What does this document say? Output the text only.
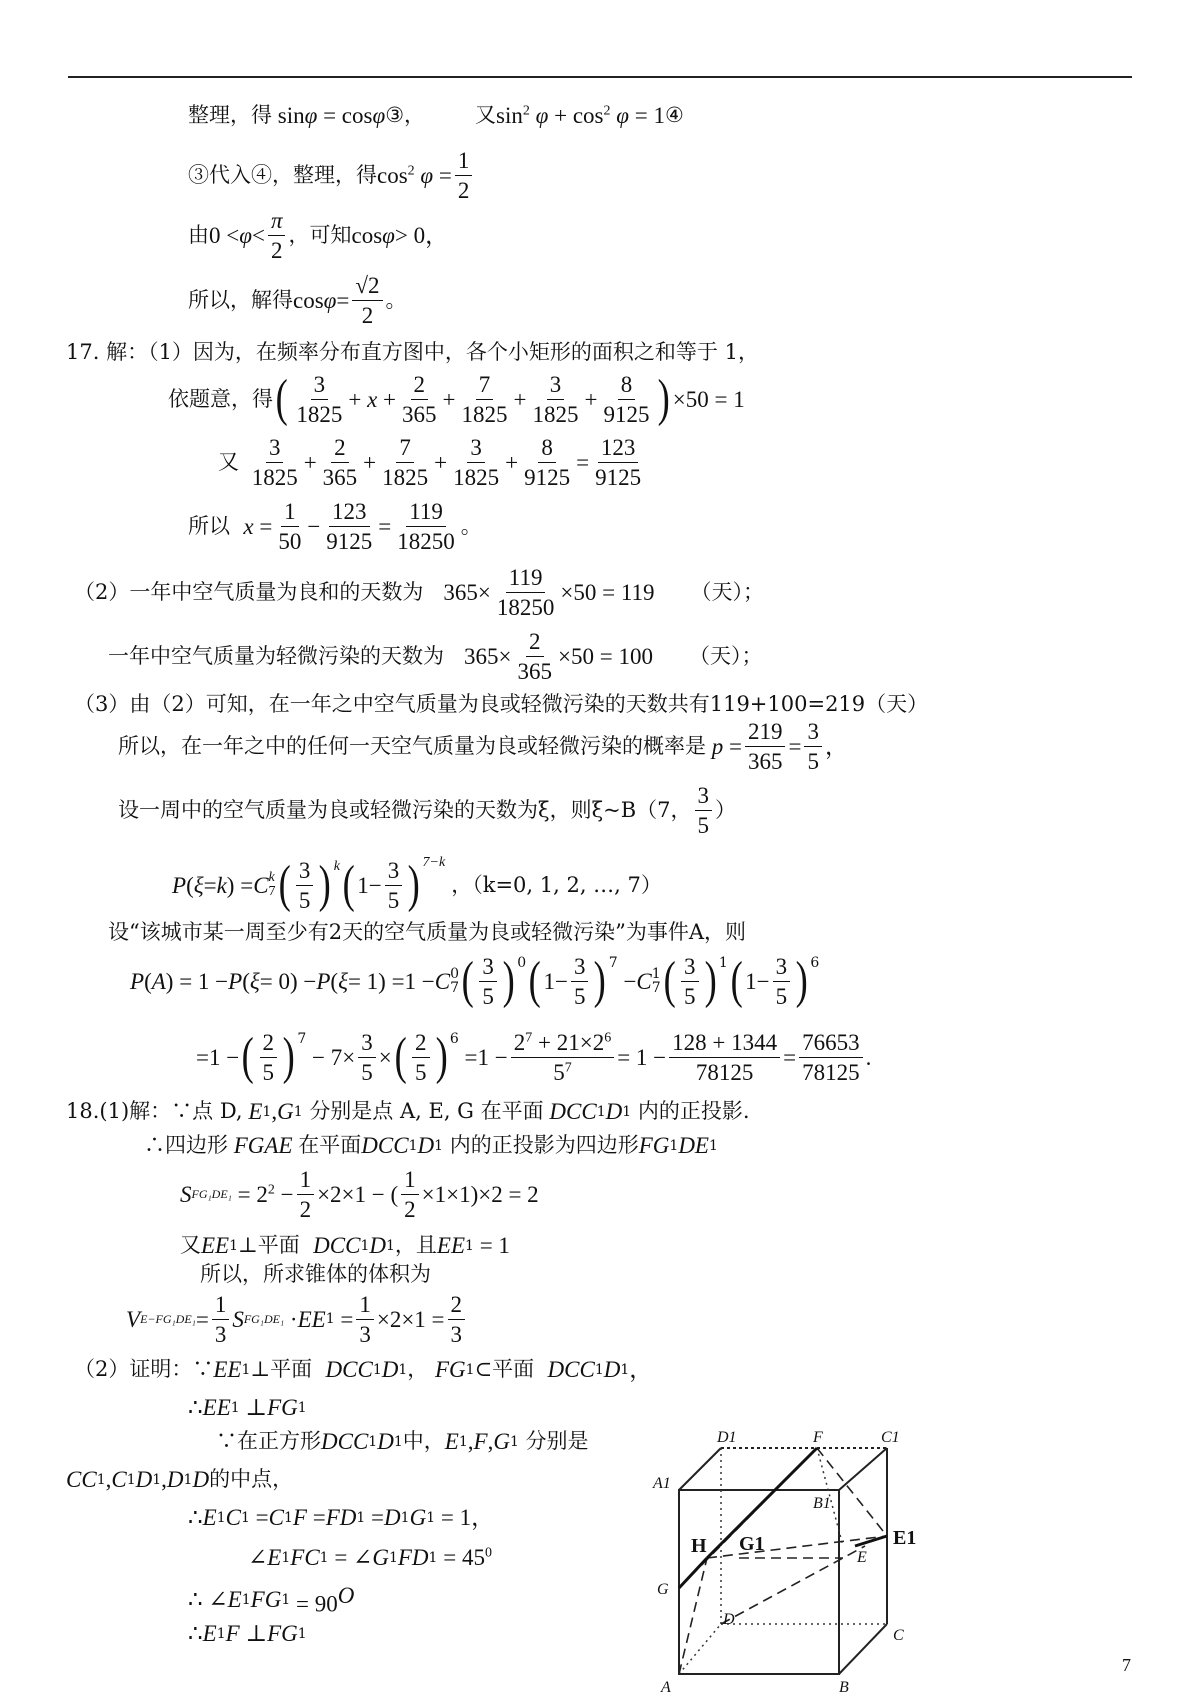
整理，得 sin φ = cos φ ③， 又 $\sin^2 \varphi + \cos^2 \varphi = 1$ ④
③代入④，整理，得 $\cos^2 \varphi = \frac{1}{2}$
由 $0 < \varphi < \frac{\pi}{2}$ ，可知 cos φ > 0，
所以，解得 $\cos \varphi = \frac{√2}{2}$ 。
17. 解：（1）因为，在频率分布直方图中，各个小矩形的面积之和等于 1，
依题意，得 ( $\frac{3}{1825} + x + \frac{2}{365} + \frac{7}{1825} + \frac{3}{1825} + \frac{8}{9125}$ ) ×50 = 1
又
$\frac{3}{1825} + \frac{2}{365} + \frac{7}{1825} + \frac{3}{1825} + \frac{8}{9125} = \frac{123}{9125}$
所以
$x = \frac{1}{50} - \frac{123}{9125} = \frac{119}{18250}$ 。
（2）一年中空气质量为良和的天数为
$365\times \frac{119}{18250} \times 50 = 119$ （天）；
一年中空气质量为轻微污染的天数为
$365\times \frac{2}{365} \times 50 = 100$ （天）；
（3）由（2）可知，在一年之中空气质量为良或轻微污染的天数共有119+100=219（天）
所以，在一年之中的任何一天空气质量为良或轻微污染的概率是 $p = \frac{219}{365} = \frac{3}{5}$ ，
设一周中的空气质量为良或轻微污染的天数为ξ，则ξ~B（7， $\frac{3}{5}$ ）
P ( ξ = k ) = C k
7 ( $\frac{3}{5} )^k$ ( $1- \frac{3}{5} )^{7-k}$
，（k=0, 1, 2, …, 7）
设“该城市某一周至少有2天的空气质量为良或轻微污染”为事件A，则
P ( A ) = 1 − P ( ξ = 0) − P ( ξ = 1) =1 − C 0
7 ( $\frac{3}{5} )^0$ ( $1- \frac{3}{5} )^7$
− C 1
7 ( $\frac{3}{5} )^1$ ( $1- \frac{3}{5} )^6$
=1 − ( $\frac{2}{5} )^7$
− $7\times \frac{3}{5}$ × ( $\frac{2}{5} )^6$
$=1 - \frac{2^7 + 21\times 2^6}{5^7} = 1 - \frac{128 + 1344}{78125} = \frac{76653}{78125}$ .
18.(1)解：∵点 D, E 1 , G 1
分别是点 A, E, G 在平面 DCC 1 D 1
内的正投影.
∴四边形 FGAE 在平面 DCC 1 D 1
内的正投影为四边形 FG 1 DE 1
S $FG_1DE_1 = 2^2 - \frac{1}{2} \times 2\times 1$ − ( $\frac{1}{2} \times 1\times 1)\times 2 = 2$
又 EE 1 ⊥平面
DCC 1 D 1 ，且 EE 1 = 1
所以，所求锥体的体积为
V $E-FG_1DE_1 = \frac{1}{3}$ S FG₁DE₁ · EE $1 = \frac{1}{3} \times 2\times 1 = \frac{2}{3}$
（2）证明：∵ EE 1 ⊥平面
DCC 1 D 1 ，
FG 1 ⊂平面
DCC 1 D 1 ，
∴ EE 1 ⊥ FG 1
∵在正方形 DCC 1 D 1 中， E 1 , F , G 1
分别是
CC 1 , C 1 D 1 , D 1 D 的中点，
∴ E 1 C 1 = C 1 F = FD 1 = D 1 G 1 = 1，
∠ E 1 FC 1 = ∠ G 1 FD $1 = 45^0$
∴ ∠ E 1 FG $1 = 90^O$
∴ E 1 F ⊥ FG 1
D1	F	C1
A1
B1
H G1	E1
E
G
D
C
A	B
7
